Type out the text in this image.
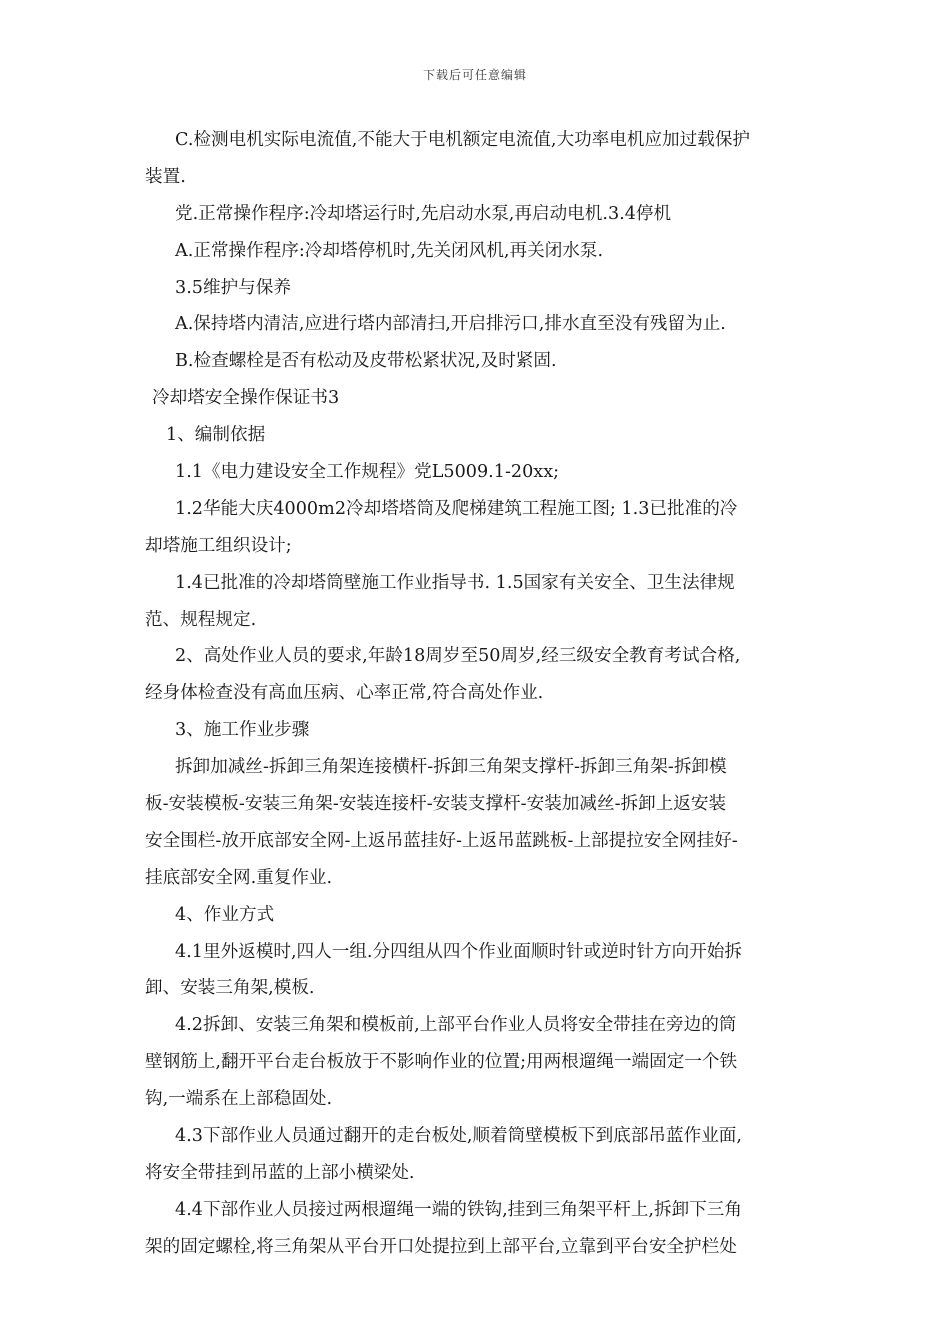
下载后可任意编辑
C.检测电机实际电流值,不能大于电机额定电流值,大功率电机应加过载保护
装置.
党.正常操作程序:冷却塔运行时,先启动水泵,再启动电机.3.4停机
A.正常操作程序:冷却塔停机时,先关闭风机,再关闭水泵.
3.5维护与保养
A.保持塔内清洁,应进行塔内部清扫,开启排污口,排水直至没有残留为止.
B.检查螺栓是否有松动及皮带松紧状况,及时紧固.
冷却塔安全操作保证书3
1、编制依据
1.1《电力建设安全工作规程》党L5009.1-20xx;
1.2华能大庆4000m2冷却塔塔筒及爬梯建筑工程施工图; 1.3已批准的冷
却塔施工组织设计;
1.4已批准的冷却塔筒壁施工作业指导书. 1.5国家有关安全、卫生法律规
范、规程规定.
2、高处作业人员的要求,年龄18周岁至50周岁,经三级安全教育考试合格,
经身体检查没有高血压病、心率正常,符合高处作业.
3、施工作业步骤
拆卸加减丝-拆卸三角架连接横杆-拆卸三角架支撑杆-拆卸三角架-拆卸模
板-安装模板-安装三角架-安装连接杆-安装支撑杆-安装加减丝-拆卸上返安装
安全围栏-放开底部安全网-上返吊蓝挂好-上返吊蓝跳板-上部提拉安全网挂好-
挂底部安全网.重复作业.
4、作业方式
4.1里外返模时,四人一组.分四组从四个作业面顺时针或逆时针方向开始拆
卸、安装三角架,模板.
4.2拆卸、安装三角架和模板前,上部平台作业人员将安全带挂在旁边的筒
壁钢筋上,翻开平台走台板放于不影响作业的位置;用两根遛绳一端固定一个铁
钩,一端系在上部稳固处.
4.3下部作业人员通过翻开的走台板处,顺着筒壁模板下到底部吊蓝作业面,
将安全带挂到吊蓝的上部小横梁处.
4.4下部作业人员接过两根遛绳一端的铁钩,挂到三角架平杆上,拆卸下三角
架的固定螺栓,将三角架从平台开口处提拉到上部平台,立靠到平台安全护栏处
